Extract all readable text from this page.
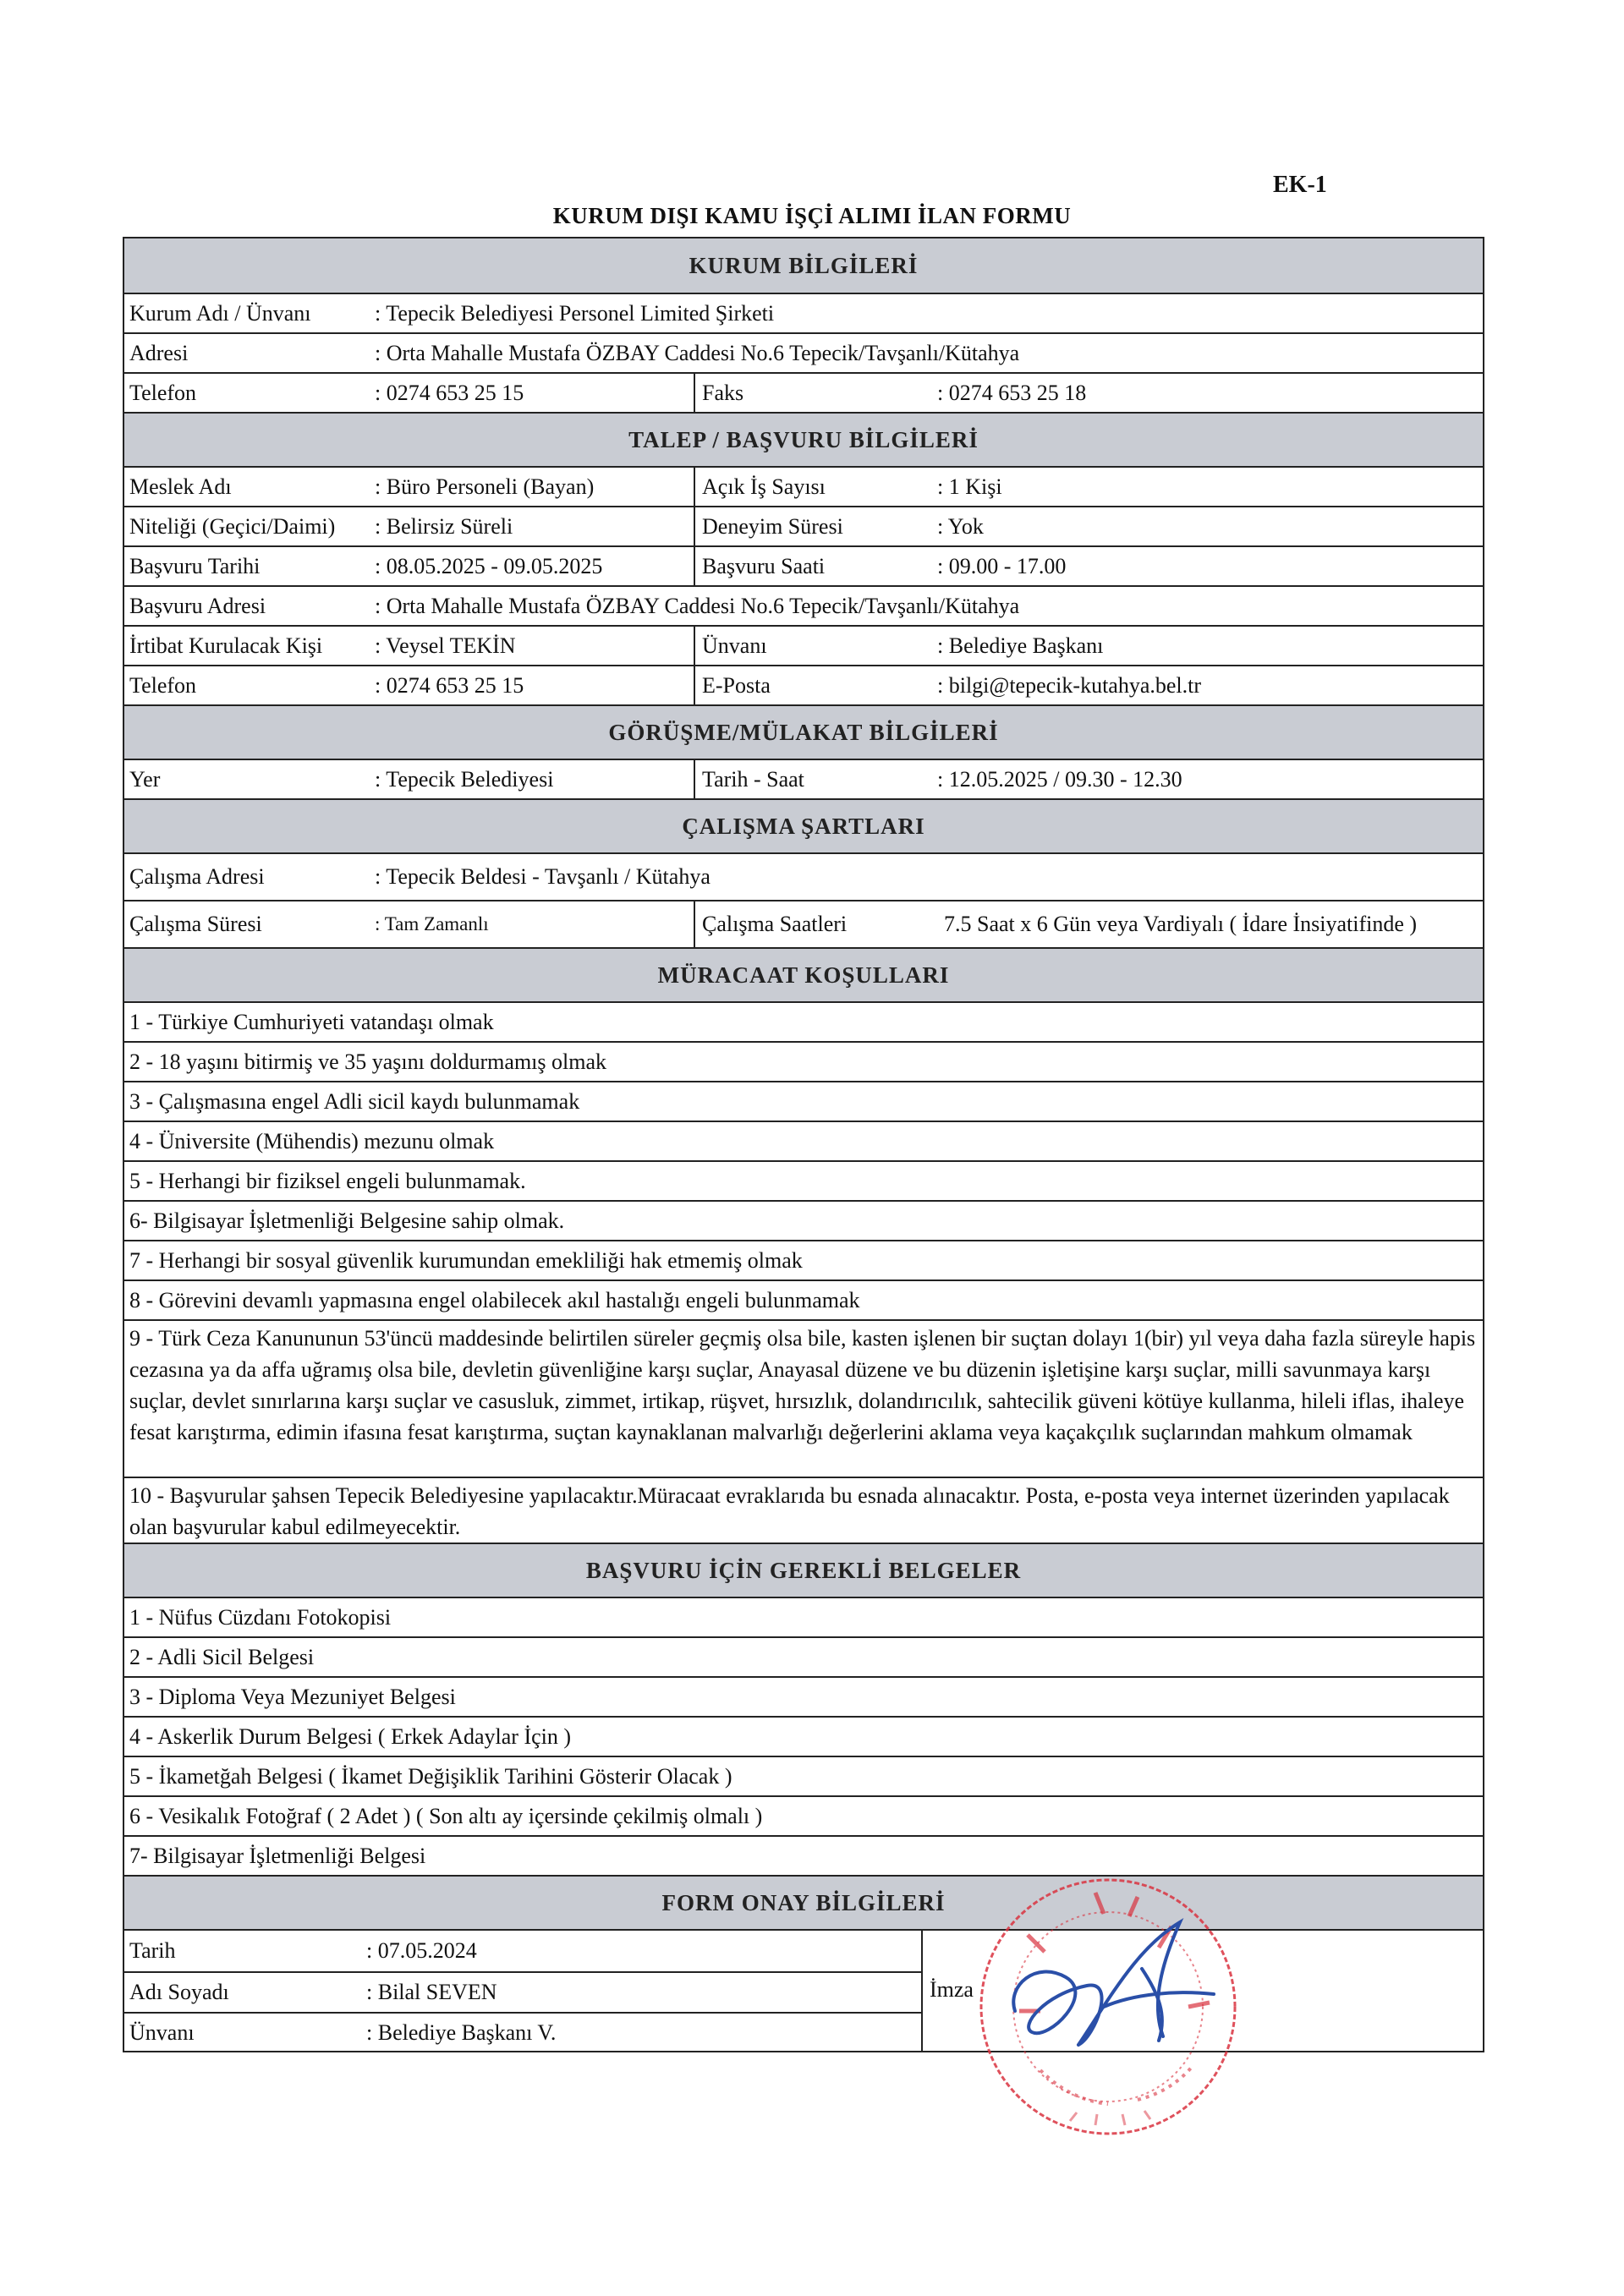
EK-1
KURUM DIŞI KAMU İŞÇİ ALIMI İLAN FORMU
KURUM BİLGİLERİ
Kurum Adı / Ünvanı	: Tepecik Belediyesi Personel Limited Şirketi
Adresi	: Orta Mahalle Mustafa ÖZBAY Caddesi No.6 Tepecik/Tavşanlı/Kütahya
Telefon	: 0274 653 25 15	Faks	: 0274 653 25 18
TALEP / BAŞVURU BİLGİLERİ
Meslek Adı	: Büro Personeli (Bayan)	Açık İş Sayısı	: 1 Kişi
Niteliği (Geçici/Daimi)	: Belirsiz Süreli	Deneyim Süresi	: Yok
Başvuru Tarihi	: 08.05.2025 - 09.05.2025	Başvuru Saati	: 09.00 - 17.00
Başvuru Adresi	: Orta Mahalle Mustafa ÖZBAY Caddesi No.6 Tepecik/Tavşanlı/Kütahya
İrtibat Kurulacak Kişi	: Veysel TEKİN	Ünvanı	: Belediye Başkanı
Telefon	: 0274 653 25 15	E-Posta	: bilgi@tepecik-kutahya.bel.tr
GÖRÜŞME/MÜLAKAT BİLGİLERİ
Yer	: Tepecik Belediyesi	Tarih - Saat	: 12.05.2025 / 09.30 - 12.30
ÇALIŞMA ŞARTLARI
Çalışma Adresi	: Tepecik Beldesi - Tavşanlı / Kütahya
Çalışma Süresi	: Tam Zamanlı	Çalışma Saatleri	7.5 Saat x 6 Gün veya Vardiyalı ( İdare İnsiyatifinde )
MÜRACAAT KOŞULLARI
1 - Türkiye Cumhuriyeti vatandaşı olmak
2 - 18 yaşını bitirmiş ve 35 yaşını doldurmamış olmak
3 - Çalışmasına engel Adli sicil kaydı bulunmamak
4 - Üniversite (Mühendis) mezunu olmak
5 - Herhangi bir fiziksel engeli bulunmamak.
6- Bilgisayar İşletmenliği Belgesine sahip olmak.
7 - Herhangi bir sosyal güvenlik kurumundan emekliliği hak etmemiş olmak
8 - Görevini devamlı yapmasına engel olabilecek akıl hastalığı engeli bulunmamak
9 - Türk Ceza Kanununun 53'üncü maddesinde belirtilen süreler geçmiş olsa bile, kasten işlenen bir suçtan dolayı 1(bir) yıl veya daha fazla süreyle hapis cezasına ya da affa uğramış olsa bile, devletin güvenliğine karşı suçlar, Anayasal düzene ve bu düzenin işletişine karşı suçlar, milli savunmaya karşı suçlar, devlet sınırlarına karşı suçlar ve casusluk, zimmet, irtikap, rüşvet, hırsızlık, dolandırıcılık, sahtecilik güveni kötüye kullanma, hileli iflas, ihaleye fesat karıştırma, edimin ifasına fesat karıştırma, suçtan kaynaklanan malvarlığı değerlerini aklama veya kaçakçılık suçlarından mahkum olmamak
10 - Başvurular şahsen Tepecik Belediyesine yapılacaktır.Müracaat evraklarıda bu esnada alınacaktır. Posta, e-posta veya internet üzerinden yapılacak olan başvurular kabul edilmeyecektir.
BAŞVURU İÇİN GEREKLİ BELGELER
1 - Nüfus Cüzdanı Fotokopisi
2 - Adli Sicil Belgesi
3 - Diploma Veya Mezuniyet Belgesi
4 - Askerlik Durum Belgesi ( Erkek Adaylar İçin )
5 - İkametğah Belgesi ( İkamet Değişiklik Tarihini Gösterir Olacak )
6 - Vesikalık Fotoğraf ( 2 Adet ) ( Son altı ay içersinde çekilmiş olmalı )
7- Bilgisayar İşletmenliği Belgesi
FORM ONAY BİLGİLERİ
Tarih	: 07.05.2024
Adı Soyadı	: Bilal SEVEN
Ünvanı	: Belediye Başkanı V.
İmza
